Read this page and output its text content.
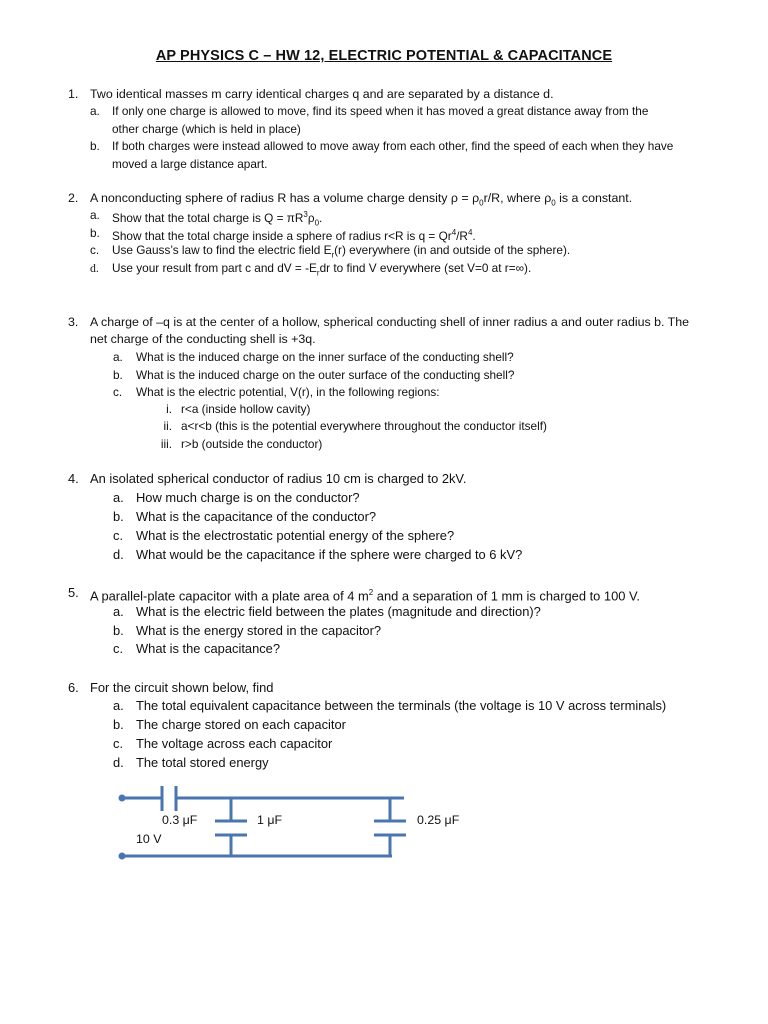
AP PHYSICS C – HW 12, ELECTRIC POTENTIAL & CAPACITANCE
1. Two identical masses m carry identical charges q and are separated by a distance d.
a. If only one charge is allowed to move, find its speed when it has moved a great distance away from the
other charge (which is held in place)
b. If both charges were instead allowed to move away from each other, find the speed of each when they have
moved a large distance apart.
2. A nonconducting sphere of radius R has a volume charge density $\rho = \rho_0r/R$, where $\rho_0$ is a constant.
a. Show that the total charge is $Q = \pi R^3\rho_0$.
b. Show that the total charge inside a sphere of radius r<R is $q = Qr^4/R^4$.
c. Use Gauss’s law to find the electric field $E_r(r)$ everywhere (in and outside of the sphere).
d. Use your result from part c and dV = $-E_rdr$ to find V everywhere (set V=0 at r=∞).
3. A charge of –q is at the center of a hollow, spherical conducting shell of inner radius a and outer radius b. The
net charge of the conducting shell is +3q.
a. What is the induced charge on the inner surface of the conducting shell?
b. What is the induced charge on the outer surface of the conducting shell?
c. What is the electric potential, V(r), in the following regions:
i. r<a (inside hollow cavity)
ii. a<r<b (this is the potential everywhere throughout the conductor itself)
iii. r>b (outside the conductor)
4. An isolated spherical conductor of radius 10 cm is charged to 2kV.
a. How much charge is on the conductor?
b. What is the capacitance of the conductor?
c. What is the electrostatic potential energy of the sphere?
d. What would be the capacitance if the sphere were charged to 6 kV?
5. A parallel-plate capacitor with a plate area of 4 $m^2$ and a separation of 1 mm is charged to 100 V.
a. What is the electric field between the plates (magnitude and direction)?
b. What is the energy stored in the capacitor?
c. What is the capacitance?
6. For the circuit shown below, find
a. The total equivalent capacitance between the terminals (the voltage is 10 V across terminals)
b. The charge stored on each capacitor
c. The voltage across each capacitor
d. The total stored energy
0.3 μF	1 μF	0.25 μF
10 V
